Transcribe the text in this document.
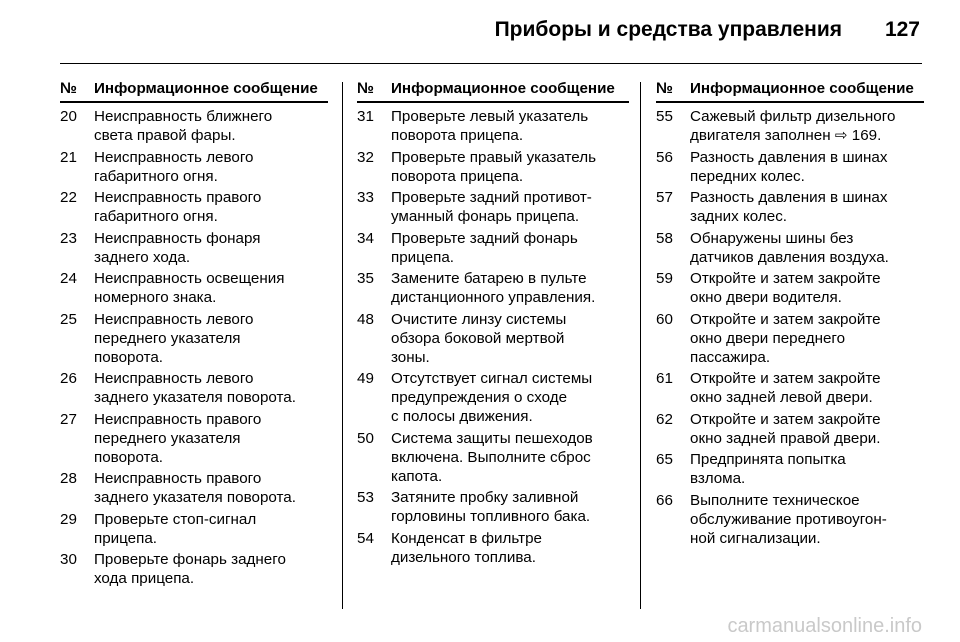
Приборы и средства управления 127
№	Информационное сообщение
20	Неисправность ближнего
света правой фары.
21	Неисправность левого
габаритного огня.
22	Неисправность правого
габаритного огня.
23	Неисправность фонаря
заднего хода.
24	Неисправность освещения
номерного знака.
25	Неисправность левого
переднего указателя
поворота.
26	Неисправность левого
заднего указателя поворота.
27	Неисправность правого
переднего указателя
поворота.
28	Неисправность правого
заднего указателя поворота.
29	Проверьте стоп-сигнал
прицепа.
30	Проверьте фонарь заднего
хода прицепа.
№	Информационное сообщение
31	Проверьте левый указатель
поворота прицепа.
32	Проверьте правый указатель
поворота прицепа.
33	Проверьте задний противот-
уманный фонарь прицепа.
34	Проверьте задний фонарь
прицепа.
35	Замените батарею в пульте
дистанционного управления.
48	Очистите линзу системы
обзора боковой мертвой
зоны.
49	Отсутствует сигнал системы
предупреждения о сходе
с полосы движения.
50	Система защиты пешеходов
включена. Выполните сброс
капота.
53	Затяните пробку заливной
горловины топливного бака.
54	Конденсат в фильтре
дизельного топлива.
№	Информационное сообщение
55	Сажевый фильтр дизельного
двигателя заполнен ⇨ 169.
56	Разность давления в шинах
передних колес.
57	Разность давления в шинах
задних колес.
58	Обнаружены шины без
датчиков давления воздуха.
59	Откройте и затем закройте
окно двери водителя.
60	Откройте и затем закройте
окно двери переднего
пассажира.
61	Откройте и затем закройте
окно задней левой двери.
62	Откройте и затем закройте
окно задней правой двери.
65	Предпринята попытка
взлома.
66	Выполните техническое
обслуживание противоугон-
ной сигнализации.
carmanualsonline.info
